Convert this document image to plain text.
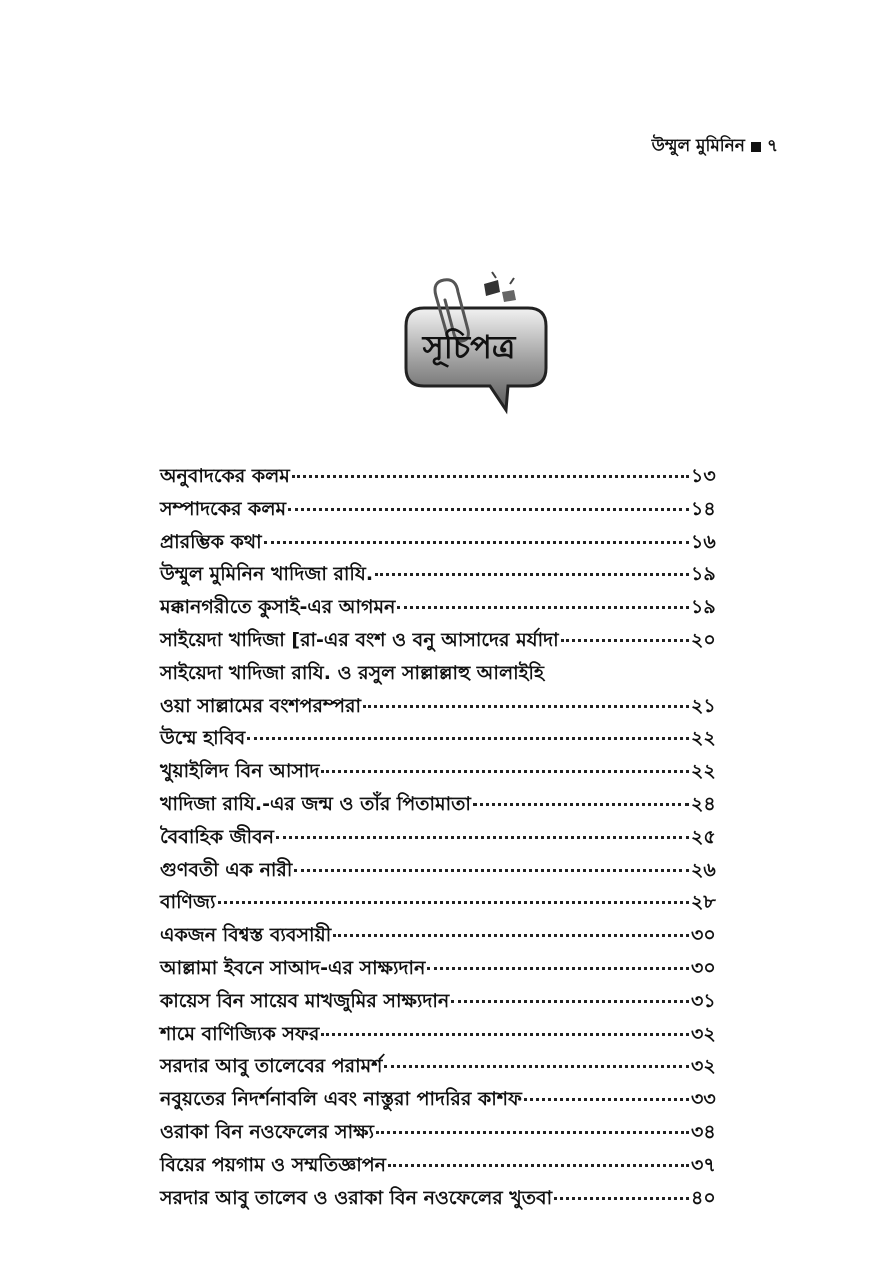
উম্মুল মুমিনিন ৭
সূচিপত্র
অনুবাদকের কলম	১৩
সম্পাদকের কলম	১৪
প্রারম্ভিক কথা	১৬
উম্মুল মুমিনিন খাদিজা রাযি.	১৯
মক্কানগরীতে কুসাই-এর আগমন	১৯
সাইয়েদা খাদিজা [রা-এর বংশ ও বনু আসাদের মর্যাদা	২০
সাইয়েদা খাদিজা রাযি. ও রসুল সাল্লাল্লাহু আলাইহি
ওয়া সাল্লামের বংশপরম্পরা	২১
উম্মে হাবিব	২২
খুয়াইলিদ বিন আসাদ	২২
খাদিজা রাযি.-এর জন্ম ও তাঁর পিতামাতা	২৪
বৈবাহিক জীবন	২৫
গুণবতী এক নারী	২৬
বাণিজ্য	২৮
একজন বিশ্বস্ত ব্যবসায়ী	৩০
আল্লামা ইবনে সাআদ-এর সাক্ষ্যদান	৩০
কায়েস বিন সায়েব মাখজুমির সাক্ষ্যদান	৩১
শামে বাণিজ্যিক সফর	৩২
সরদার আবু তালেবের পরামর্শ	৩২
নবুয়তের নিদর্শনাবলি এবং নাস্তুরা পাদরির কাশফ	৩৩
ওরাকা বিন নওফেলের সাক্ষ্য	৩৪
বিয়ের পয়গাম ও সম্মতিজ্ঞাপন	৩৭
সরদার আবু তালেব ও ওরাকা বিন নওফেলের খুতবা	৪০
